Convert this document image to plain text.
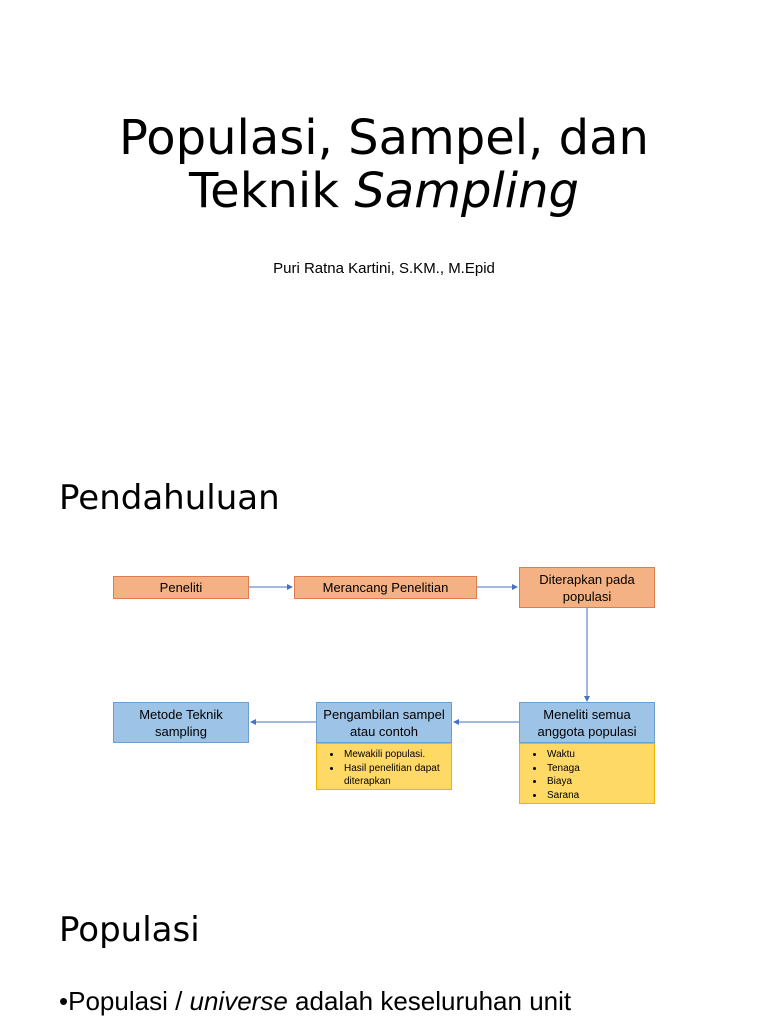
Populasi, Sampel, dan
Teknik Sampling
Puri Ratna Kartini, S.KM., M.Epid
Pendahuluan
Peneliti	Merancang Penelitian
Diterapkan pada
populasi
Meneliti semua
anggota populasi
Pengambilan sampel
atau contoh
Metode Teknik
sampling
• Mewakili populasi.
• Hasil penelitian dapat diterapkan
• Waktu
• Tenaga
• Biaya
• Sarana
Populasi
•Populasi / universe adalah keseluruhan unit
